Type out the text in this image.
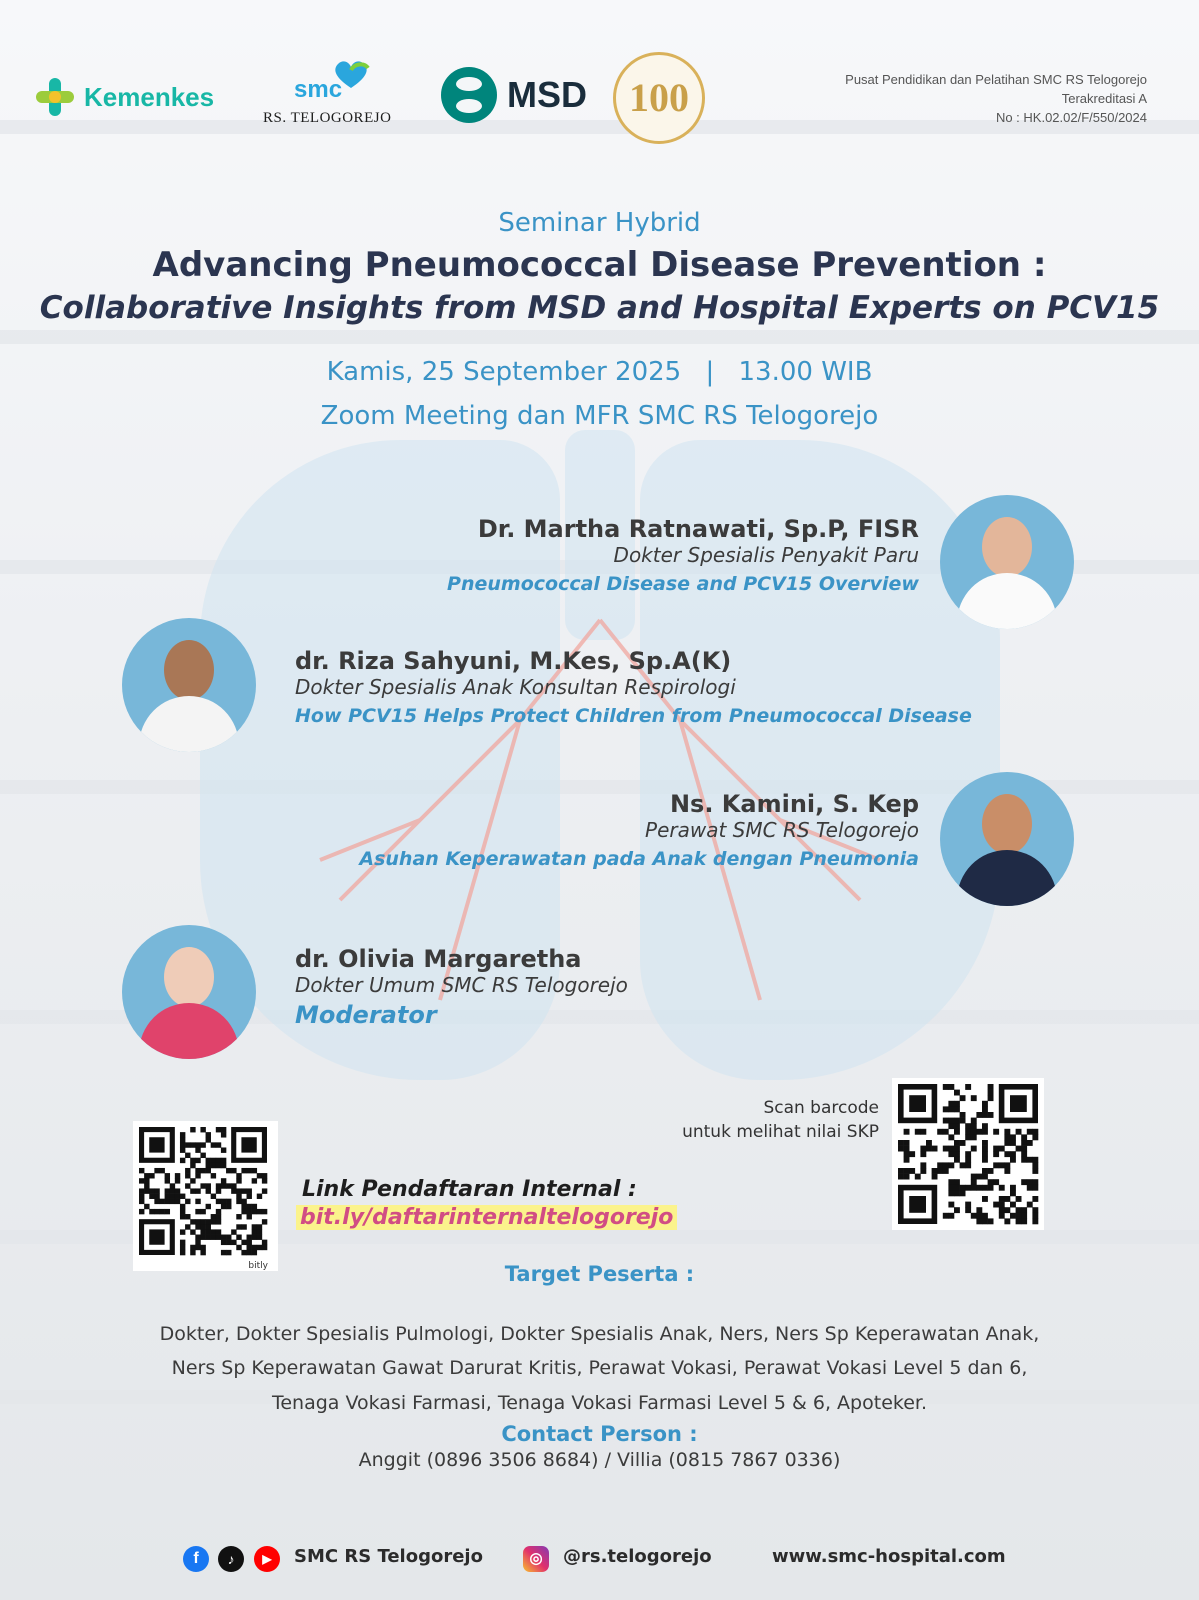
Kemenkes	smc
RS. TELOGOREJO
MSD	100	Pusat Pendidikan dan Pelatihan SMC RS Telogorejo
Terakreditasi A
No : HK.02.02/F/550/2024
Seminar Hybrid
Advancing Pneumococcal Disease Prevention :
Collaborative Insights from MSD and Hospital Experts on PCV15
Kamis, 25 September 2025 | 13.00 WIB
Zoom Meeting dan MFR SMC RS Telogorejo
Dr. Martha Ratnawati, Sp.P, FISR
Dokter Spesialis Penyakit Paru
Pneumococcal Disease and PCV15 Overview
dr. Riza Sahyuni, M.Kes, Sp.A(K)
Dokter Spesialis Anak Konsultan Respirologi
How PCV15 Helps Protect Children from Pneumococcal Disease
Ns. Kamini, S. Kep
Perawat SMC RS Telogorejo
Asuhan Keperawatan pada Anak dengan Pneumonia
dr. Olivia Margaretha
Dokter Umum SMC RS Telogorejo
Moderator
Scan barcode
untuk melihat nilai SKP
bitly
Link Pendaftaran Internal :
bit.ly/daftarinternaltelogorejo
Target Peserta :
Dokter, Dokter Spesialis Pulmologi, Dokter Spesialis Anak, Ners, Ners Sp Keperawatan Anak,
Ners Sp Keperawatan Gawat Darurat Kritis, Perawat Vokasi, Perawat Vokasi Level 5 dan 6,
Tenaga Vokasi Farmasi, Tenaga Vokasi Farmasi Level 5 & 6, Apoteker.
Contact Person :
Anggit (0896 3506 8684) / Villia (0815 7867 0336)
f	♪	▶	SMC RS Telogorejo	◎	@rs.telogorejo	www.smc-hospital.com
